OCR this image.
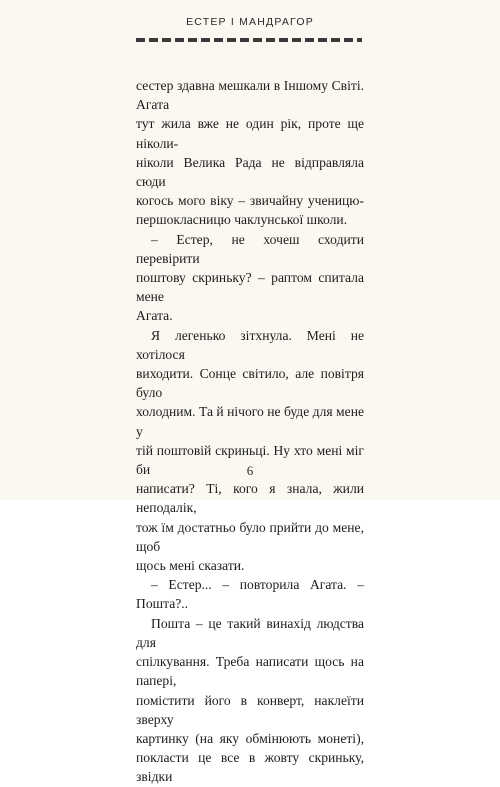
ЕСТЕР І МАНДРАГОР

сестер здавна мешкали в Іншому Світі. Агата

тут жила вже не один рік, проте ще ніколи-

ніколи Велика Рада не відправляла сюди

когось мого віку – звичайну ученицю-

першокласницю чаклунської школи.

– Естер, не хочеш сходити перевірити

поштову скриньку? – раптом спитала мене

Агата.

Я легенько зітхнула. Мені не хотілося

виходити. Сонце світило, але повітря було

холодним. Та й нічого не буде для мене у

тій поштовій скриньці. Ну хто мені міг би

написати? Ті, кого я знала, жили неподалік,

тож їм достатньо було прийти до мене, щоб

щось мені сказати.

– Естер... – повторила Агата. – Пошта?..

Пошта – це такий винахід людства для

спілкування. Треба написати щось на папері,

помістити його в конверт, наклеїти зверху

картинку (на яку обмінюють монеті),

покласти це все в жовту скриньку, звідки

6
